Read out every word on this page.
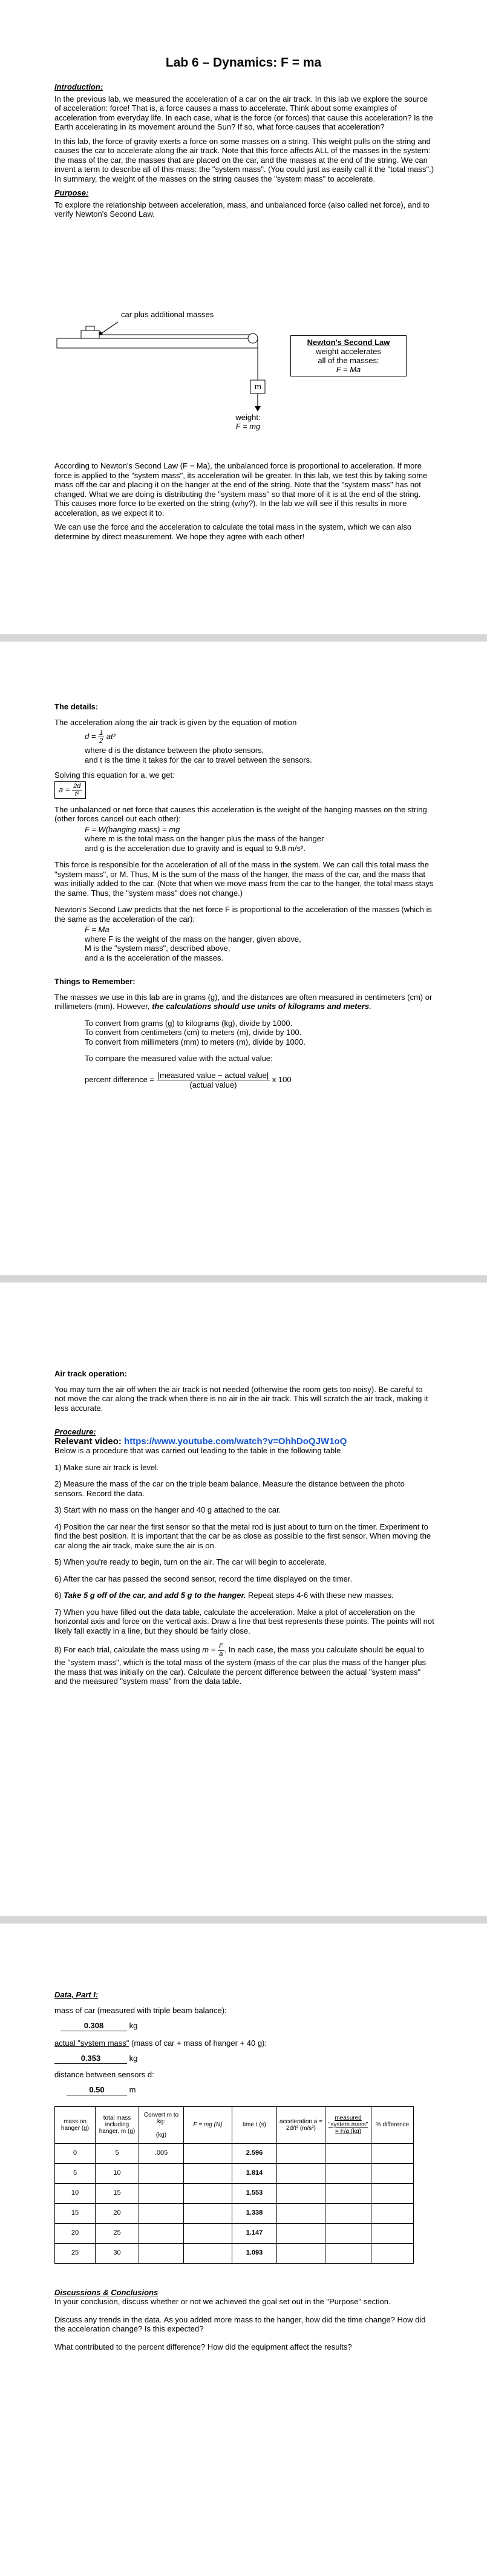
Lab 6 – Dynamics: F = ma
Introduction:

In the previous lab, we measured the acceleration of a car on the air track. In this lab we explore the source of acceleration: force! That is, a force causes a mass to accelerate. Think about some examples of acceleration from everyday life. In each case, what is the force (or forces) that cause this acceleration? Is the Earth accelerating in its movement around the Sun? If so, what force causes that acceleration?

In this lab, the force of gravity exerts a force on some masses on a string. This weight pulls on the string and causes the car to accelerate along the air track. Note that this force affects ALL of the masses in the system: the mass of the car, the masses that are placed on the car, and the masses at the end of the string. We can invent a term to describe all of this mass: the "system mass". (You could just as easily call it the "total mass".) In summary, the weight of the masses on the string causes the "system mass" to accelerate.

Purpose:

To explore the relationship between acceleration, mass, and unbalanced force (also called net force), and to verify Newton's Second Law.

car plus additional masses
m
weight:
F = mg
Newton's Second Law
weight accelerates
all of the masses:
F = Ma

According to Newton's Second Law (F = Ma), the unbalanced force is proportional to acceleration. If more force is applied to the "system mass", its acceleration will be greater. In this lab, we test this by taking some mass off the car and placing it on the hanger at the end of the string. Note that the "system mass" has not changed. What we are doing is distributing the "system mass" so that more of it is at the end of the string. This causes more force to be exerted on the string (why?). In the lab we will see if this results in more acceleration, as we expect it to.

We can use the force and the acceleration to calculate the total mass in the system, which we can also determine by direct measurement. We hope they agree with each other!

The details:

The acceleration along the air track is given by the equation of motion

$d = \frac{1}{2} at^2$
where d is the distance between the photo sensors,
and t is the time it takes for the car to travel between the sensors.

Solving this equation for a, we get:

$a = \frac{2d}{\text{t²}}$

The unbalanced or net force that causes this acceleration is the weight of the hanging masses on the string (other forces cancel out each other):

F = W(hanging mass) = mg
where m is the total mass on the hanger plus the mass of the hanger
and g is the acceleration due to gravity and is equal to 9.8 m/s².

This force is responsible for the acceleration of all of the mass in the system. We can call this total mass the "system mass", or M. Thus, M is the sum of the mass of the hanger, the mass of the car, and the mass that was initially added to the car. (Note that when we move mass from the car to the hanger, the total mass stays the same. Thus, the "system mass" does not change.)

Newton's Second Law predicts that the net force F is proportional to the acceleration of the masses (which is the same as the acceleration of the car):

F = Ma
where F is the weight of the mass on the hanger, given above,
M is the "system mass", described above,
and a is the acceleration of the masses.
Things to Remember:

The masses we use in this lab are in grams (g), and the distances are often measured in centimeters (cm) or millimeters (mm). However, the calculations should use units of kilograms and meters.

To convert from grams (g) to kilograms (kg), divide by 1000.
To convert from centimeters (cm) to meters (m), divide by 100.
To convert from millimeters (mm) to meters (m), divide by 1000.
To compare the measured value with the actual value:
percent difference = $\frac{\text{|measured value − actual value|}}{\text{(actual value)}}$ x 100
Air track operation:

You may turn the air off when the air track is not needed (otherwise the room gets too noisy). Be careful to not move the car along the track when there is no air in the air track. This will scratch the air track, making it less accurate.

Procedure:
Relevant video: https://www.youtube.com/watch?v=OhhDoQJW1oQ

Below is a procedure that was carried out leading to the table in the following table

1) Make sure air track is level.

2) Measure the mass of the car on the triple beam balance. Measure the distance between the photo sensors. Record the data.

3) Start with no mass on the hanger and 40 g attached to the car.

4) Position the car near the first sensor so that the metal rod is just about to turn on the timer. Experiment to find the best position. It is important that the car be as close as possible to the first sensor. When moving the car along the air track, make sure the air is on.

5) When you're ready to begin, turn on the air. The car will begin to accelerate.

6) After the car has passed the second sensor, record the time displayed on the timer.

6) Take 5 g off of the car, and add 5 g to the hanger. Repeat steps 4-6 with these new masses.

7) When you have filled out the data table, calculate the acceleration. Make a plot of acceleration on the horizontal axis and force on the vertical axis. Draw a line that best represents these points. The points will not likely fall exactly in a line, but they should be fairly close.

8) For each trial, calculate the mass using $m = \frac{F}{a}$ . In each case, the mass you calculate should be equal to the "system mass", which is the total mass of the system (mass of the car plus the mass of the hanger plus the mass that was initially on the car). Calculate the percent difference between the actual "system mass" and the measured "system mass" from the data table.

Data, Part I:

mass of car (measured with triple beam balance):

0.308	kg
actual "system mass" (mass of car + mass of hanger + 40 g):
0.353	kg

distance between sensors d:

0.50	m
mass on hanger (g)	total mass including hanger, m (g)	Convert m to kg:

(kg)	F = mg (N)	time t (s)	acceleration a = 2d/t² (m/s²)	measured "system mass" = F/a (kg)	% difference
0	5	.005		2.596			
5	10			1.814			
10	15			1.553			
15	20			1.338			
20	25			1.147			
25	30			1.093			
Discussions & Conclusions

In your conclusion, discuss whether or not we achieved the goal set out in the "Purpose" section.

Discuss any trends in the data. As you added more mass to the hanger, how did the time change? How did the acceleration change? Is this expected?

What contributed to the percent difference? How did the equipment affect the results?
